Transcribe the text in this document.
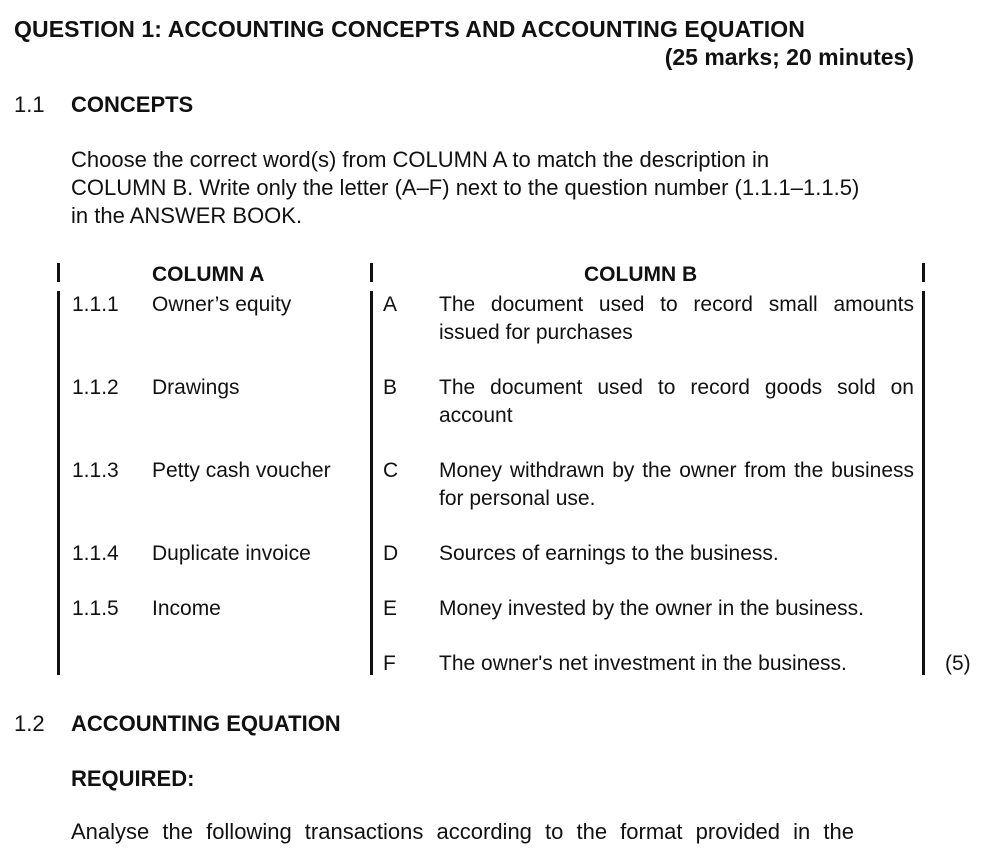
QUESTION 1: ACCOUNTING CONCEPTS AND ACCOUNTING EQUATION
(25 marks; 20 minutes)
1.1 CONCEPTS
Choose the correct word(s) from COLUMN A to match the description in
COLUMN B. Write only the letter (A–F) next to the question number (1.1.1–1.1.5)
in the ANSWER BOOK.
COLUMN A	COLUMN B
1.1.1 Owner’s equity
1.1.2 Drawings
1.1.3 Petty cash voucher
1.1.4 Duplicate invoice
1.1.5 Income
A The document used to record small amounts issued for purchases
B The document used to record goods sold on account
C Money withdrawn by the owner from the business for personal use.
D Sources of earnings to the business.
E Money invested by the owner in the business.
F The owner's net investment in the business.	(5)
1.2 ACCOUNTING EQUATION
REQUIRED:
Analyse the following transactions according to the format provided in the
